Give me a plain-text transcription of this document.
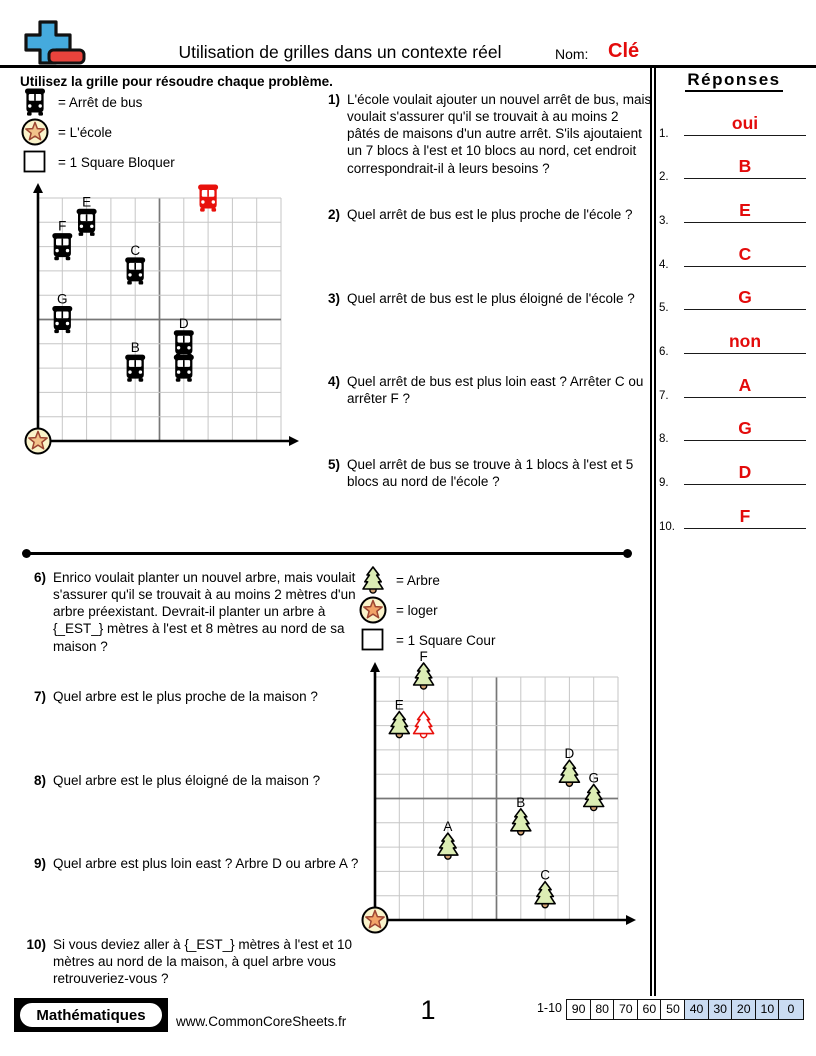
Utilisation de grilles dans un contexte réel	Nom: Clé
Utilisez la grille pour résoudre chaque problème.
= Arrêt de bus
= L'école
= 1 Square Bloquer
= Arbre
= loger
= 1 Square Cour
E
F
C
G
B
D
F
E
D
G
B
A
C
Réponses
1.
oui
2.
B
3.
E
4.
C
5.
G
6.
non
7.
A
8.
G
9.
D
10.
F
Mathématiques	www.CommonCoreSheets.fr	1	1-10 90 80 70 60 50 40 30 20 10	0
1) L'école voulait ajouter un nouvel arrêt de bus, mais voulait s'assurer qu'il se trouvait à au moins 2 pâtés de maisons d'un autre arrêt. S'ils ajoutaient un 7 blocs à l'est et 10 blocs au nord, cet endroit correspondrait-il à leurs besoins ?
2) Quel arrêt de bus est le plus proche de l'école ?
3) Quel arrêt de bus est le plus éloigné de l'école ?
4) Quel arrêt de bus est plus loin east ? Arrêter C ou arrêter F ?
5) Quel arrêt de bus se trouve à 1 blocs à l'est et 5 blocs au nord de l'école ?
6) Enrico voulait planter un nouvel arbre, mais voulait s'assurer qu'il se trouvait à au moins 2 mètres d'un arbre préexistant. Devrait-il planter un arbre à {_EST_} mètres à l'est et 8 mètres au nord de sa maison ?
7) Quel arbre est le plus proche de la maison ?
8) Quel arbre est le plus éloigné de la maison ?
9) Quel arbre est plus loin east ? Arbre D ou arbre A ?
10) Si vous deviez aller à {_EST_} mètres à l'est et 10 mètres au nord de la maison, à quel arbre vous retrouveriez-vous ?
